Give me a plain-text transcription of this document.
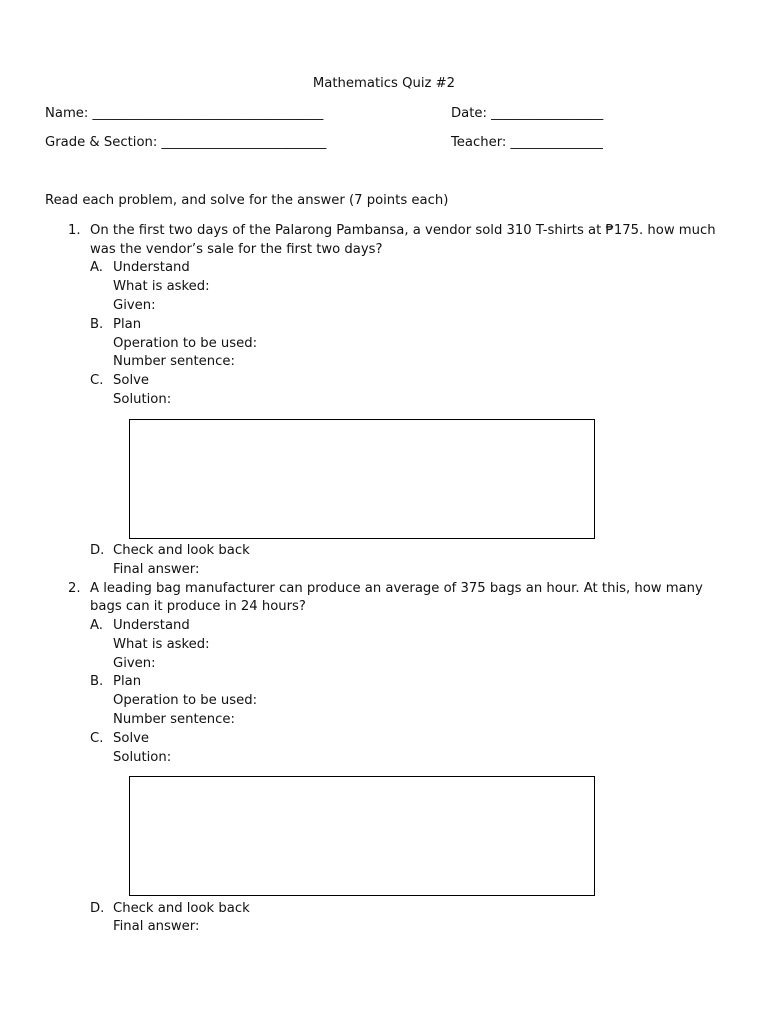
Mathematics Quiz #2
Name: ___________________________________	Date: _________________
Grade & Section: _________________________	Teacher: ______________
Read each problem, and solve for the answer (7 points each)
1. On the first two days of the Palarong Pambansa, a vendor sold 310 T-shirts at ₱175. how much
was the vendor’s sale for the first two days?
A. Understand
What is asked:
Given:
B. Plan
Operation to be used:
Number sentence:
C. Solve
Solution:
D. Check and look back
Final answer:
2. A leading bag manufacturer can produce an average of 375 bags an hour. At this, how many
bags can it produce in 24 hours?
A. Understand
What is asked:
Given:
B. Plan
Operation to be used:
Number sentence:
C. Solve
Solution:
D. Check and look back
Final answer:
